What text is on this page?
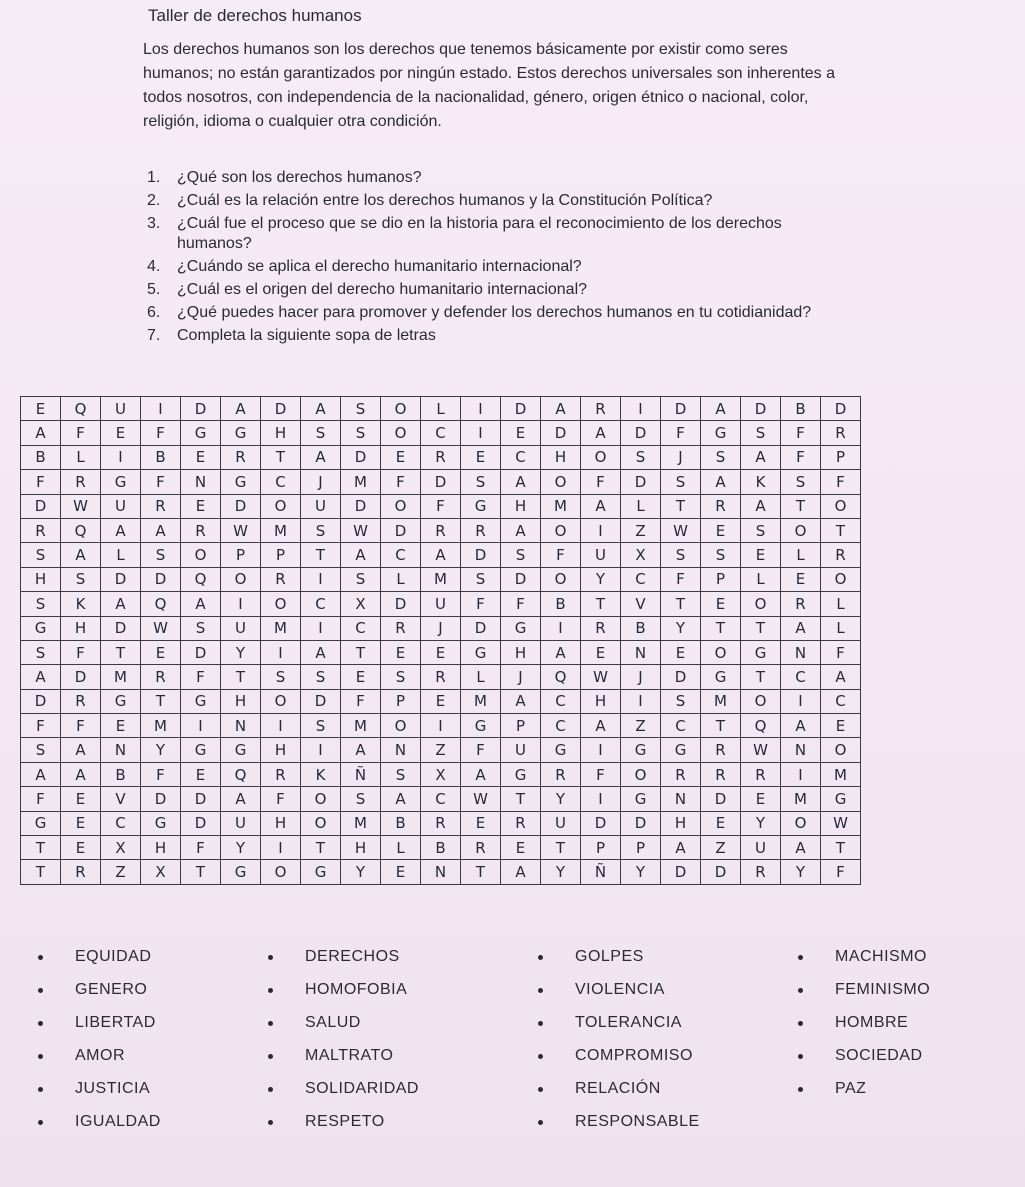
Taller de derechos humanos

Los derechos humanos son los derechos que tenemos básicamente por existir como seres humanos; no están garantizados por ningún estado. Estos derechos universales son inherentes a todos nosotros, con independencia de la nacionalidad, género, origen étnico o nacional, color, religión, idioma o cualquier otra condición.

1.	¿Qué son los derechos humanos?
2.	¿Cuál es la relación entre los derechos humanos y la Constitución Política?
3.	¿Cuál fue el proceso que se dio en la historia para el reconocimiento de los derechos humanos?
4.	¿Cuándo se aplica el derecho humanitario internacional?
5.	¿Cuál es el origen del derecho humanitario internacional?
6.	¿Qué puedes hacer para promover y defender los derechos humanos en tu cotidianidad?
7.	Completa la siguiente sopa de letras
E	Q	U	I	D	A	D	A	S	O	L	I	D	A	R	I	D	A	D	B	D
A	F	E	F	G	G	H	S	S	O	C	I	E	D	A	D	F	G	S	F	R
B	L	I	B	E	R	T	A	D	E	R	E	C	H	O	S	J	S	A	F	P
F	R	G	F	N	G	C	J	M	F	D	S	A	O	F	D	S	A	K	S	F
D	W	U	R	E	D	O	U	D	O	F	G	H	M	A	L	T	R	A	T	O
R	Q	A	A	R	W	M	S	W	D	R	R	A	O	I	Z	W	E	S	O	T
S	A	L	S	O	P	P	T	A	C	A	D	S	F	U	X	S	S	E	L	R
H	S	D	D	Q	O	R	I	S	L	M	S	D	O	Y	C	F	P	L	E	O
S	K	A	Q	A	I	O	C	X	D	U	F	F	B	T	V	T	E	O	R	L
G	H	D	W	S	U	M	I	C	R	J	D	G	I	R	B	Y	T	T	A	L
S	F	T	E	D	Y	I	A	T	E	E	G	H	A	E	N	E	O	G	N	F
A	D	M	R	F	T	S	S	E	S	R	L	J	Q	W	J	D	G	T	C	A
D	R	G	T	G	H	O	D	F	P	E	M	A	C	H	I	S	M	O	I	C
F	F	E	M	I	N	I	S	M	O	I	G	P	C	A	Z	C	T	Q	A	E
S	A	N	Y	G	G	H	I	A	N	Z	F	U	G	I	G	G	R	W	N	O
A	A	B	F	E	Q	R	K	Ñ	S	X	A	G	R	F	O	R	R	R	I	M
F	E	V	D	D	A	F	O	S	A	C	W	T	Y	I	G	N	D	E	M	G
G	E	C	G	D	U	H	O	M	B	R	E	R	U	D	D	H	E	Y	O	W
T	E	X	H	F	Y	I	T	H	L	B	R	E	T	P	P	A	Z	U	A	T
T	R	Z	X	T	G	O	G	Y	E	N	T	A	Y	Ñ	Y	D	D	R	Y	F
EQUIDAD	DERECHOS	GOLPES	MACHISMO
GENERO	HOMOFOBIA	VIOLENCIA	FEMINISMO
LIBERTAD	SALUD	TOLERANCIA	HOMBRE
AMOR	MALTRATO	COMPROMISO	SOCIEDAD
JUSTICIA	SOLIDARIDAD	RELACIÓN	PAZ
IGUALDAD	RESPETO	RESPONSABLE
